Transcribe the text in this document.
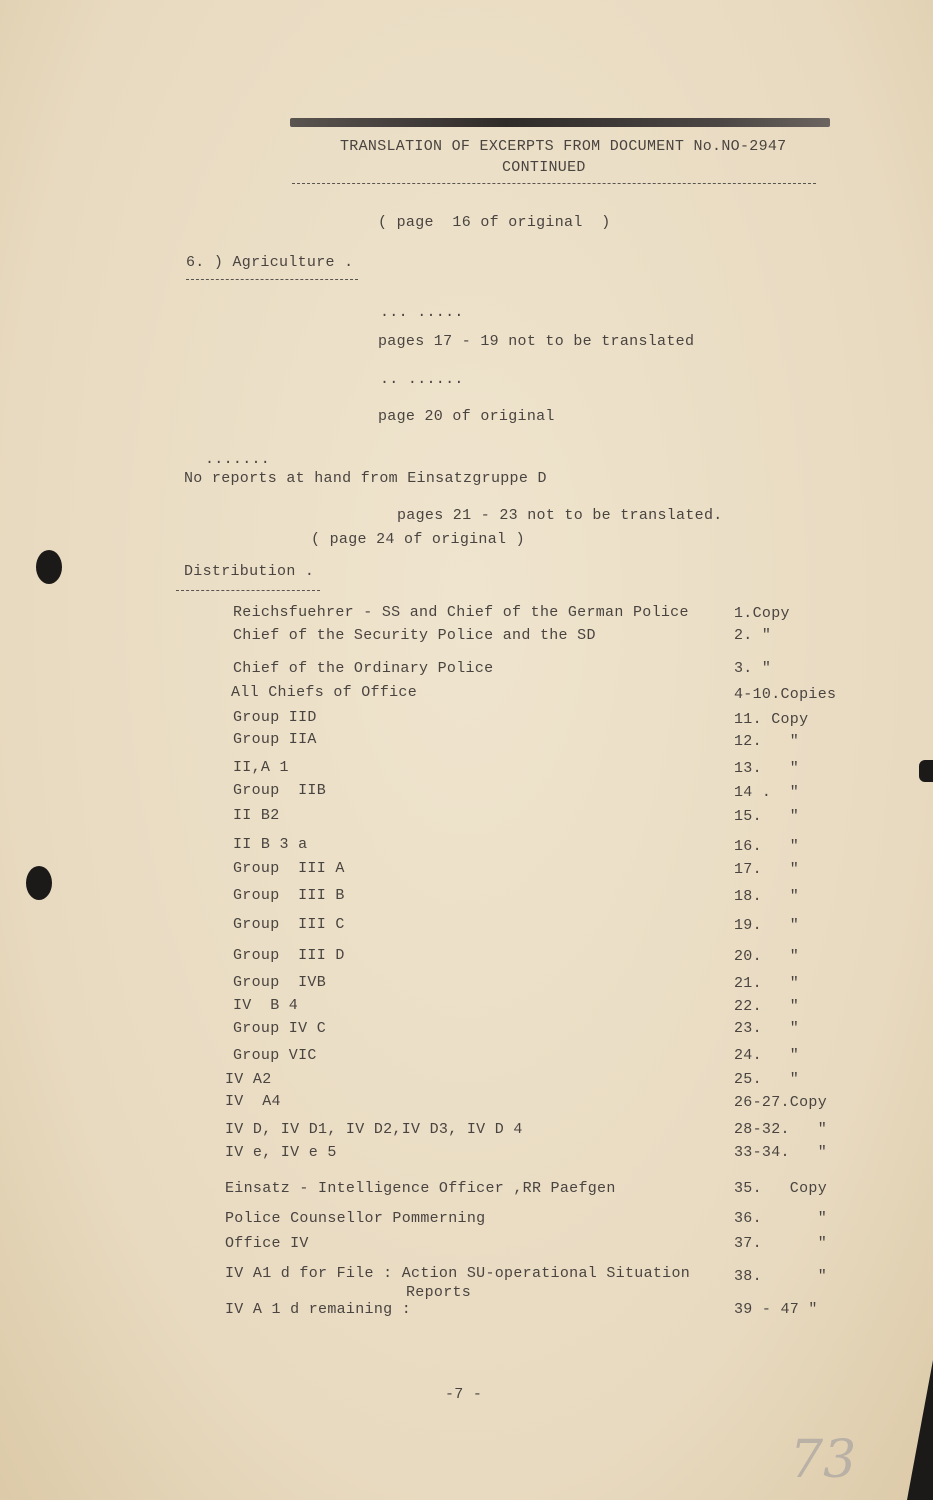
TRANSLATION OF EXCERPTS FROM DOCUMENT No.NO-2947
CONTINUED
( page  16 of original  )
6. ) Agriculture .
... .....
pages 17 - 19 not to be translated
.. ......
page 20 of original
.......
No reports at hand from Einsatzgruppe D
pages 21 - 23 not to be translated.
( page 24 of original )
Distribution .
Reichsfuehrer - SS and Chief of the German Police	1.Copy
Chief of the Security Police and the SD	2. "
Chief of the Ordinary Police	3. "
All Chiefs of Office	4-10.Copies
Group IID	11. Copy
Group IIA	12.   "
II,A 1	13.   "
Group  IIB	14 .  "
II B2	15.   "
II B 3 a	16.   "
Group  III A	17.   "
Group  III B	18.   "
Group  III C	19.   "
Group  III D	20.   "
Group  IVB	21.   "
IV  B 4	22.   "
Group IV C	23.   "
Group VIC	24.   "
IV A2	25.   "
IV  A4	26-27.Copy
IV D, IV D1, IV D2,IV D3, IV D 4	28-32.   "
IV e, IV e 5	33-34.   "
Einsatz - Intelligence Officer ,RR Paefgen	35.   Copy
Police Counsellor Pommerning	36.      "
Office IV	37.      "
IV A1 d for File : Action SU-operational Situation	38.      "
Reports
IV A 1 d remaining :	39 - 47 "
-7 -
73
